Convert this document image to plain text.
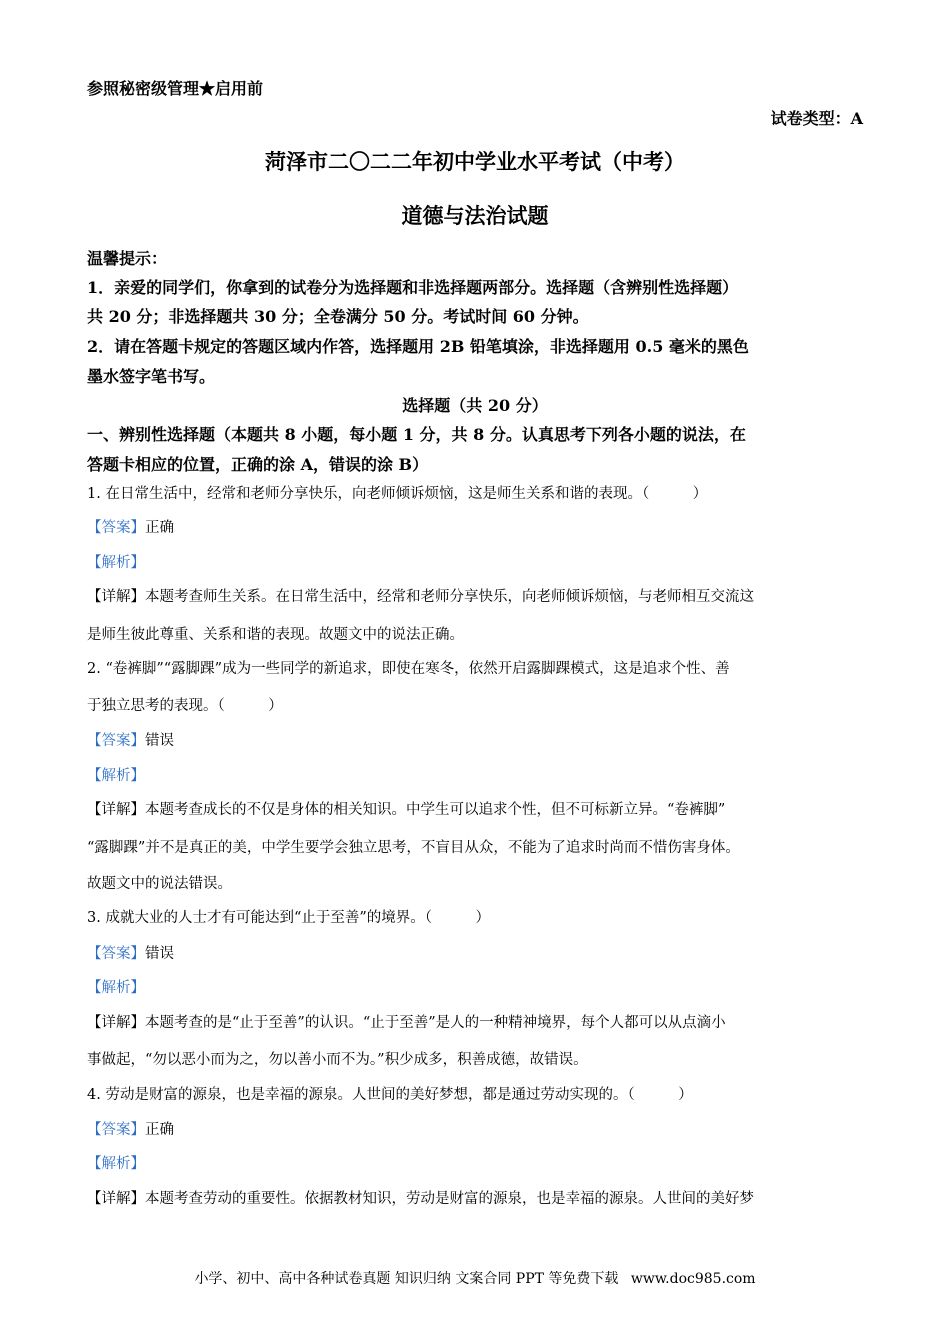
参照秘密级管理★启用前
试卷类型：A
菏泽市二〇二二年初中学业水平考试（中考）
道德与法治试题
温馨提示：
1．亲爱的同学们，你拿到的试卷分为选择题和非选择题两部分。选择题（含辨别性选择题）
共 20 分；非选择题共 30 分；全卷满分 50 分。考试时间 60 分钟。
2．请在答题卡规定的答题区域内作答，选择题用 2B 铅笔填涂，非选择题用 0.5 毫米的黑色
墨水签字笔书写。
选择题（共 20 分）
一、辨别性选择题（本题共 8 小题，每小题 1 分，共 8 分。认真思考下列各小题的说法，在
答题卡相应的位置，正确的涂 A，错误的涂 B）
1. 在日常生活中，经常和老师分享快乐，向老师倾诉烦恼，这是师生关系和谐的表现。（　　　）
【答案】正确
【解析】
【详解】本题考查师生关系。在日常生活中，经常和老师分享快乐，向老师倾诉烦恼，与老师相互交流这
是师生彼此尊重、关系和谐的表现。故题文中的说法正确。
2. “卷裤脚”“露脚踝”成为一些同学的新追求，即使在寒冬，依然开启露脚踝模式，这是追求个性、善
于独立思考的表现。（　　　）
【答案】错误
【解析】
【详解】本题考查成长的不仅是身体的相关知识。中学生可以追求个性，但不可标新立异。“卷裤脚”
“露脚踝”并不是真正的美，中学生要学会独立思考，不盲目从众，不能为了追求时尚而不惜伤害身体。
故题文中的说法错误。
3. 成就大业的人士才有可能达到“止于至善”的境界。（　　　）
【答案】错误
【解析】
【详解】本题考查的是“止于至善”的认识。“止于至善”是人的一种精神境界，每个人都可以从点滴小
事做起，“勿以恶小而为之，勿以善小而不为。”积少成多，积善成德，故错误。
4. 劳动是财富的源泉，也是幸福的源泉。人世间的美好梦想，都是通过劳动实现的。（　　　）
【答案】正确
【解析】
【详解】本题考查劳动的重要性。依据教材知识，劳动是财富的源泉，也是幸福的源泉。人世间的美好梦
小学、初中、高中各种试卷真题 知识归纳 文案合同 PPT 等免费下载 www.doc985.com
